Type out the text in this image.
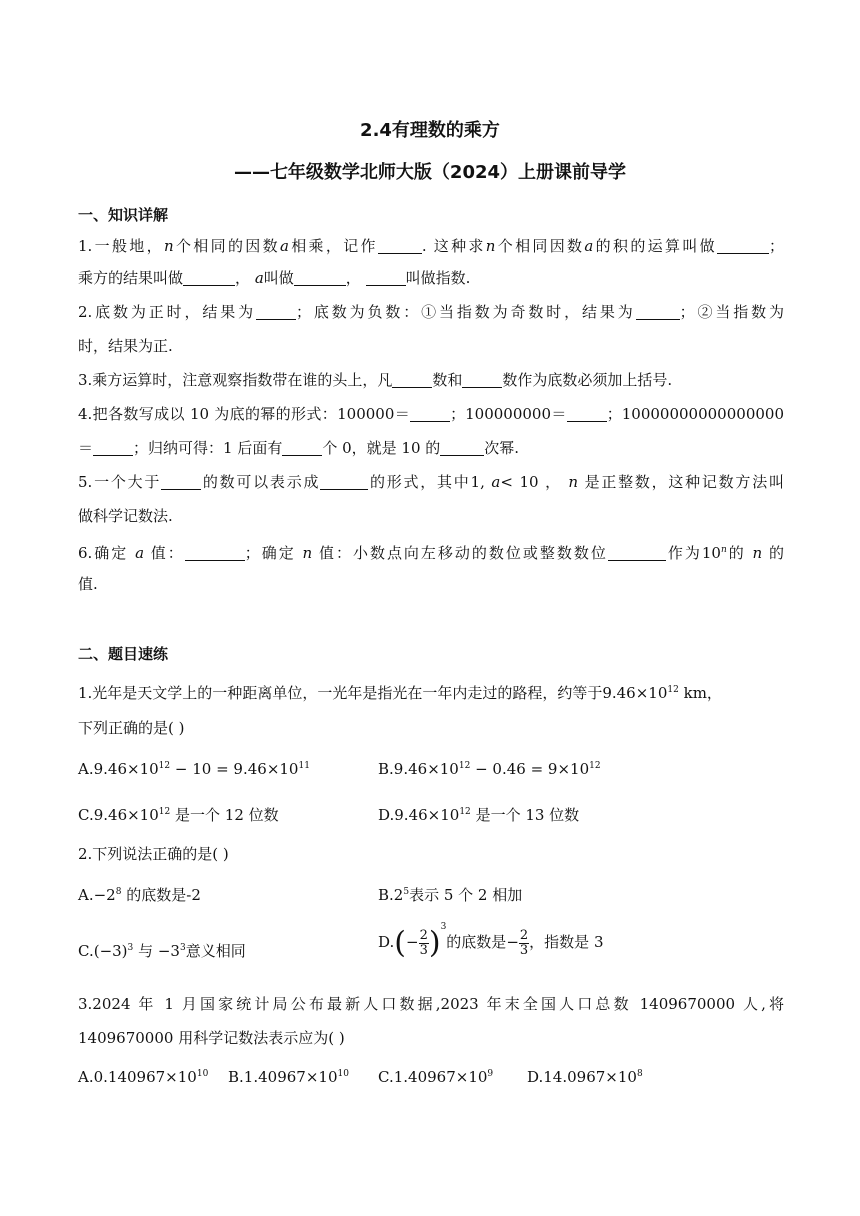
2.4有理数的乘方
——七年级数学北师大版（2024）上册课前导学
一、知识详解
1.一般地，n个相同的因数a相乘，记作	. 这种求n个相同因数a的积的运算叫做	；
乘方的结果叫做	， a叫做	，	叫做指数.
2.底数为正时，结果为	；底数为负数：①当指数为奇数时，结果为	；②当指数为
时，结果为正.
3.乘方运算时，注意观察指数带在谁的头上，凡	数和	数作为底数必须加上括号.
4.把各数写成以 10 为底的幂的形式：100000＝	；100000000＝	；10000000000000000
＝	；归纳可得：1 后面有	个 0，就是 10 的	次幂.
5.一个大于	的数可以表示成	的形式，其中1, a< 10 ， n 是正整数，这种记数方法叫
做科学记数法.
6.确定 a 值：	；确定 n 值：小数点向左移动的数位或整数数位	作为10$^n$的 n 的
值.
二、题目速练
1.光年是天文学上的一种距离单位，一光年是指光在一年内走过的路程，约等于$9.46\times 10^{12}$ km，
下列正确的是( )
$A.9.46\times 10^{12} - 10 = 9.46\times 10^{11}$	$B.9.46\times 10^{12} - 0.46 = 9\times 10^{12}$
$C.9.46\times 10^{12}$ 是一个 12 位数	$D.9.46\times 10^{12}$ 是一个 13 位数
2.下列说法正确的是( )
$A.-2^8$ 的底数是-2	$B.2^5$表示 5 个 2 相加
$C.(-3)^3$ 与 $-3^3$意义相同	$D.(- \frac{2}{3} )^3$的底数是− $\frac{2}{3}$ ，指数是 3
3.2024 年 1 月国家统计局公布最新人口数据,2023 年末全国人口总数 1409670000 人,将
1409670000 用科学记数法表示应为( )
$A.0.140967\times 10^{10}$ $B.1.40967\times 10^{10}$ $C.1.40967\times 10^9$ $D.14.0967\times 10^8$
